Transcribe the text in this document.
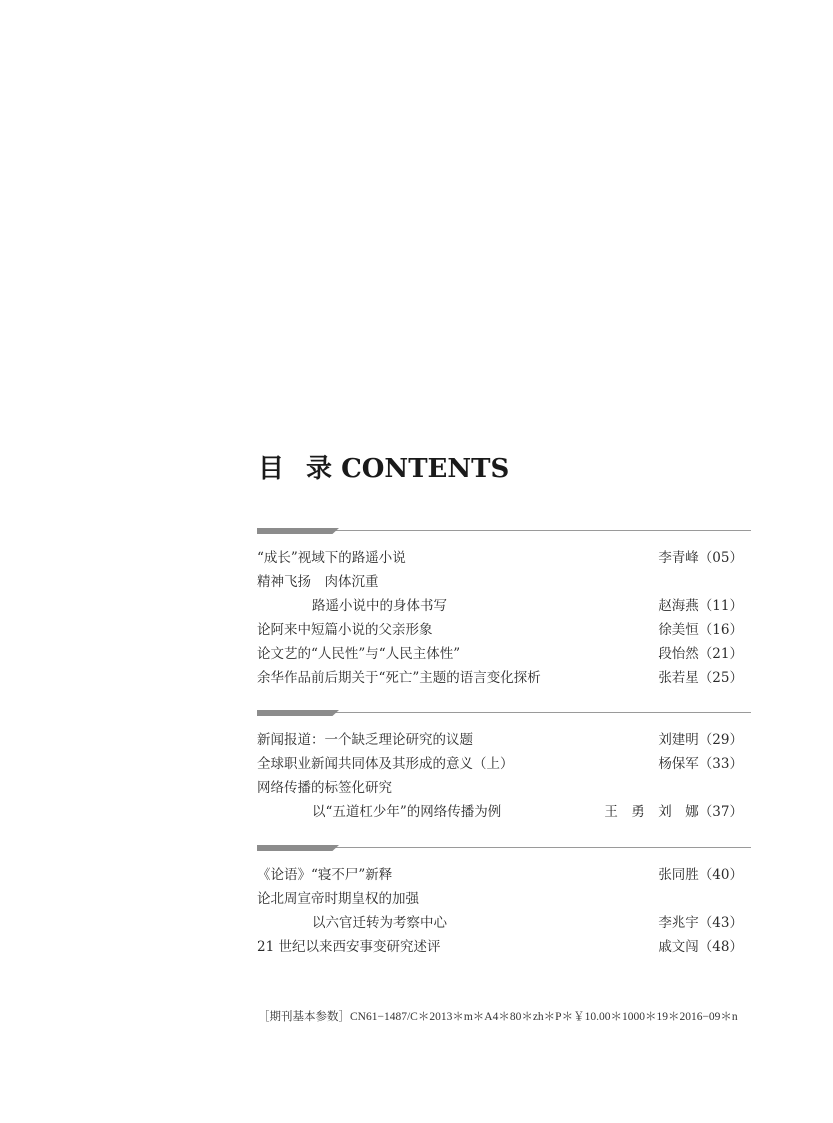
目 录 CONTENTS
“成长”视域下的路遥小说	李青峰（05）
精神飞扬　肉体沉重
路遥小说中的身体书写	赵海燕（11）
论阿来中短篇小说的父亲形象	徐美恒（16）
论文艺的“人民性”与“人民主体性”	段怡然（21）
余华作品前后期关于“死亡”主题的语言变化探析	张若星（25）
新闻报道：一个缺乏理论研究的议题	刘建明（29）
全球职业新闻共同体及其形成的意义（上）	杨保军（33）
网络传播的标签化研究
以“五道杠少年”的网络传播为例	王　勇　刘　娜（37）
《论语》“寝不尸”新释	张同胜（40）
论北周宣帝时期皇权的加强
以六官迁转为考察中心	李兆宇（43）
21 世纪以来西安事变研究述评	戚文闯（48）
［期刊基本参数］CN61−1487/C＊2013＊m＊A4＊80＊zh＊P＊￥10.00＊1000＊19＊2016−09＊n
